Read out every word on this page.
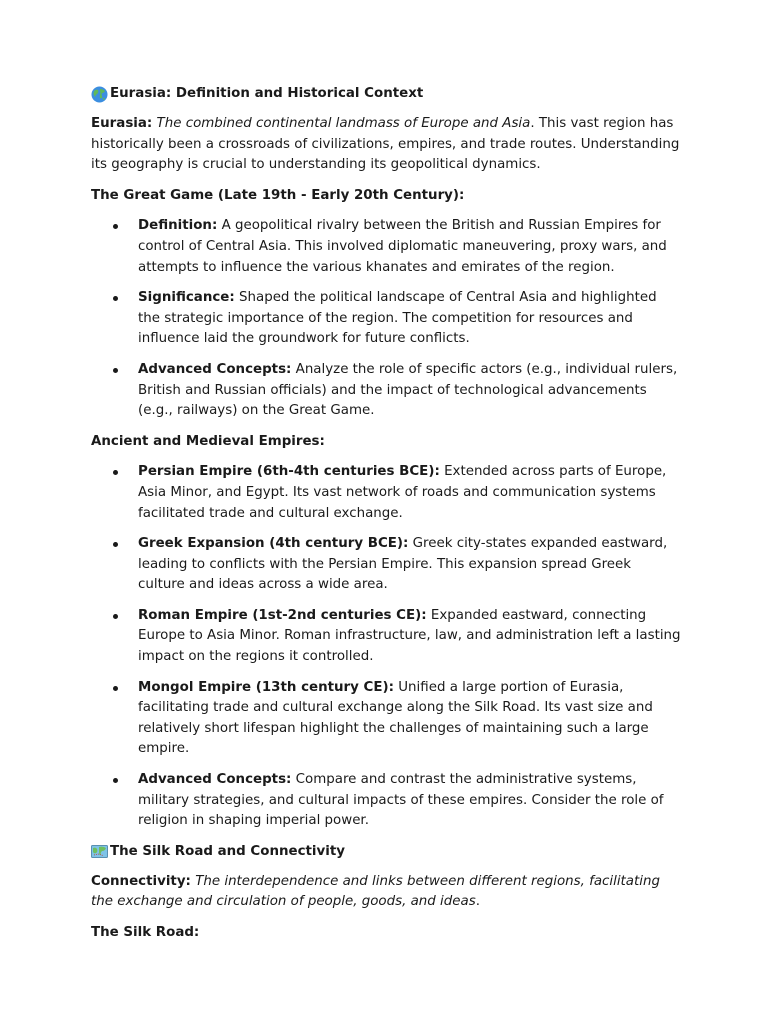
Eurasia: Definition and Historical Context

Eurasia: The combined continental landmass of Europe and Asia. This vast region has historically been a crossroads of civilizations, empires, and trade routes. Understanding its geography is crucial to understanding its geopolitical dynamics.

The Great Game (Late 19th - Early 20th Century):
Definition: A geopolitical rivalry between the British and Russian Empires for control of Central Asia. This involved diplomatic maneuvering, proxy wars, and attempts to influence the various khanates and emirates of the region.
Significance: Shaped the political landscape of Central Asia and highlighted the strategic importance of the region. The competition for resources and influence laid the groundwork for future conflicts.
Advanced Concepts: Analyze the role of specific actors (e.g., individual rulers, British and Russian officials) and the impact of technological advancements (e.g., railways) on the Great Game.
Ancient and Medieval Empires:
Persian Empire (6th-4th centuries BCE): Extended across parts of Europe, Asia Minor, and Egypt. Its vast network of roads and communication systems facilitated trade and cultural exchange.
Greek Expansion (4th century BCE): Greek city-states expanded eastward, leading to conflicts with the Persian Empire. This expansion spread Greek culture and ideas across a wide area.
Roman Empire (1st-2nd centuries CE): Expanded eastward, connecting Europe to Asia Minor. Roman infrastructure, law, and administration left a lasting impact on the regions it controlled.
Mongol Empire (13th century CE): Unified a large portion of Eurasia, facilitating trade and cultural exchange along the Silk Road. Its vast size and relatively short lifespan highlight the challenges of maintaining such a large empire.
Advanced Concepts: Compare and contrast the administrative systems, military strategies, and cultural impacts of these empires. Consider the role of religion in shaping imperial power.
The Silk Road and Connectivity

Connectivity: The interdependence and links between different regions, facilitating the exchange and circulation of people, goods, and ideas.

The Silk Road:
